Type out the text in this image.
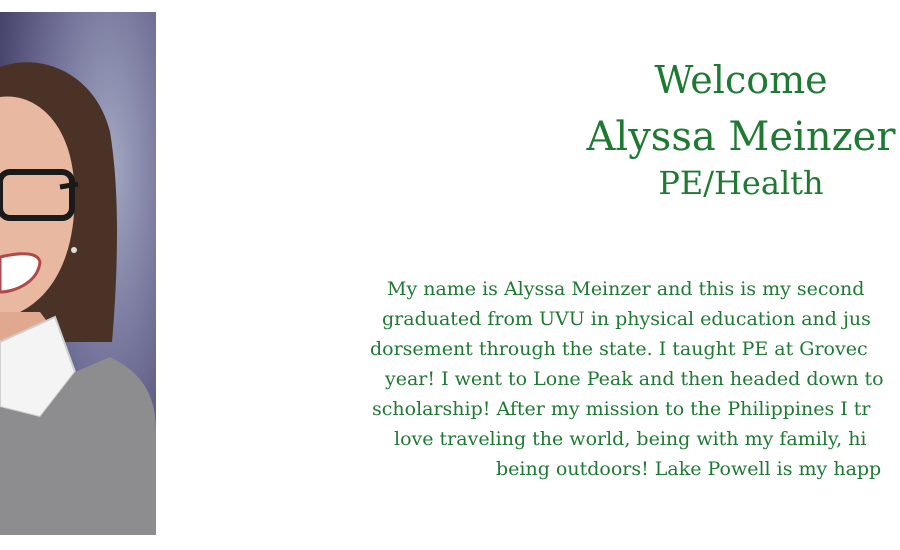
Welcome
Alyssa Meinzer
PE/Health
My name is Alyssa Meinzer and this is my second
graduated from UVU in physical education and jus
dorsement through the state. I taught PE at Grovec
year! I went to Lone Peak and then headed down to
scholarship! After my mission to the Philippines I tr
love traveling the world, being with my family, hi
being outdoors! Lake Powell is my happ
